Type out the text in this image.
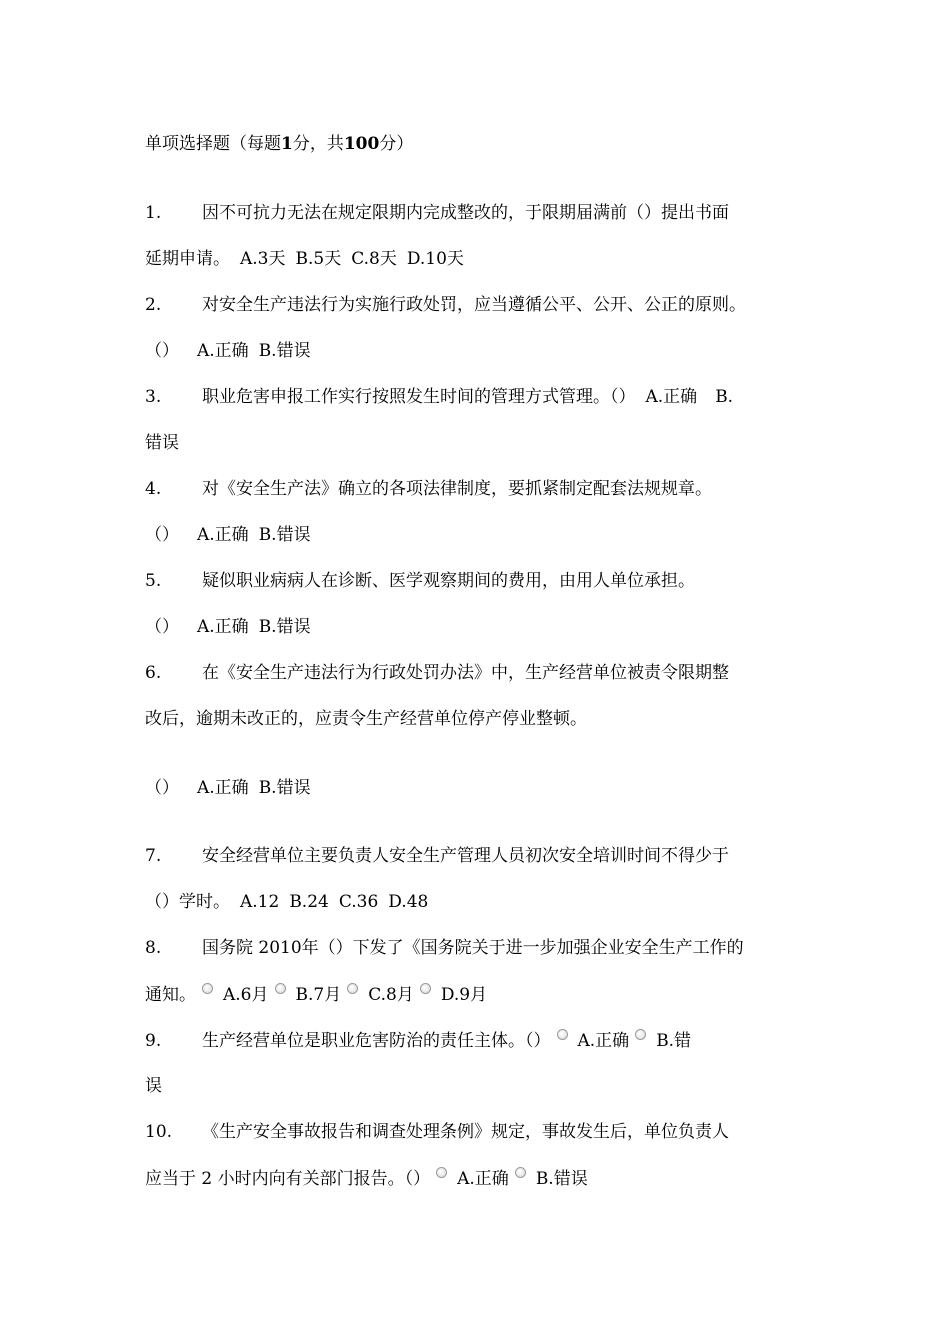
单项选择题（每题1分，共100分）
1. 因不可抗力无法在规定限期内完成整改的，于限期届满前（）提出书面
延期申请。 A.3天 B.5天 C.8天 D.10天
2. 对安全生产违法行为实施行政处罚，应当遵循公平、公开、公正的原则。
（） A.正确 B.错误
3. 职业危害申报工作实行按照发生时间的管理方式管理。（） A.正确 B.
错误
4. 对《安全生产法》确立的各项法律制度，要抓紧制定配套法规规章。
（） A.正确 B.错误
5. 疑似职业病病人在诊断、医学观察期间的费用，由用人单位承担。
（） A.正确 B.错误
6. 在《安全生产违法行为行政处罚办法》中，生产经营单位被责令限期整
改后，逾期未改正的，应责令生产经营单位停产停业整顿。
（） A.正确 B.错误
7. 安全经营单位主要负责人安全生产管理人员初次安全培训时间不得少于
（）学时。 A.12 B.24 C.36 D.48
8. 国务院 2010年（）下发了《国务院关于进一步加强企业安全生产工作的
通知。 A.6月 B.7月 C.8月 D.9月
9. 生产经营单位是职业危害防治的责任主体。（） A.正确 B.错
误
10. 《生产安全事故报告和调查处理条例》规定，事故发生后，单位负责人
应当于 2 小时内向有关部门报告。（） A.正确 B.错误
